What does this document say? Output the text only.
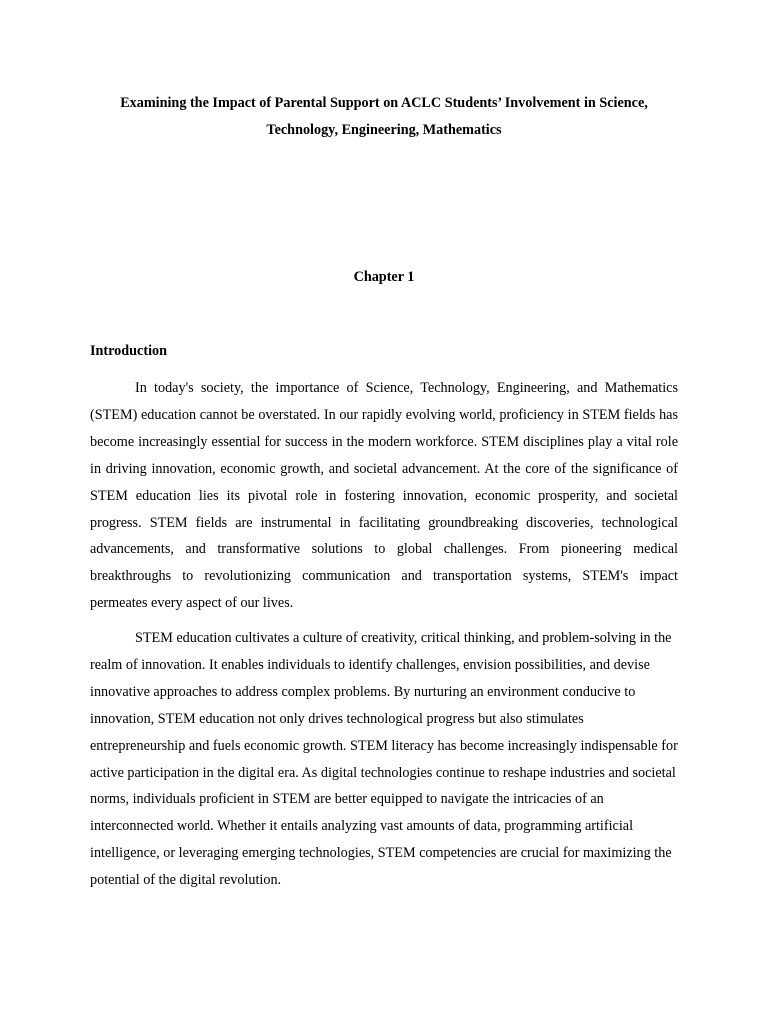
Examining the Impact of Parental Support on ACLC Students’ Involvement in Science, Technology, Engineering, Mathematics
Chapter 1
Introduction

In today's society, the importance of Science, Technology, Engineering, and Mathematics (STEM) education cannot be overstated. In our rapidly evolving world, proficiency in STEM fields has become increasingly essential for success in the modern workforce. STEM disciplines play a vital role in driving innovation, economic growth, and societal advancement. At the core of the significance of STEM education lies its pivotal role in fostering innovation, economic prosperity, and societal progress. STEM fields are instrumental in facilitating groundbreaking discoveries, technological advancements, and transformative solutions to global challenges. From pioneering medical breakthroughs to revolutionizing communication and transportation systems, STEM's impact permeates every aspect of our lives.

STEM education cultivates a culture of creativity, critical thinking, and problem-solving in the realm of innovation. It enables individuals to identify challenges, envision possibilities, and devise innovative approaches to address complex problems. By nurturing an environment conducive to innovation, STEM education not only drives technological progress but also stimulates entrepreneurship and fuels economic growth. STEM literacy has become increasingly indispensable for active participation in the digital era. As digital technologies continue to reshape industries and societal norms, individuals proficient in STEM are better equipped to navigate the intricacies of an interconnected world. Whether it entails analyzing vast amounts of data, programming artificial intelligence, or leveraging emerging technologies, STEM competencies are crucial for maximizing the potential of the digital revolution.
